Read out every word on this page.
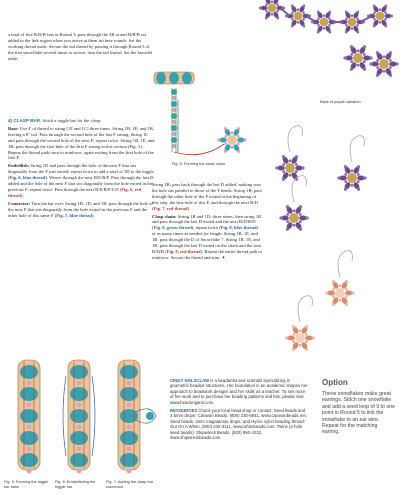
Back of purple variation
a total of five B/D/B sets in Round 3; pass through the 3B at and H/B/B set added in the link region when you arrive at them in these rounds. Set the working thread aside. Secure the tail thread by passing it through Round 3 of the first snowflake several times to secure; trim the tail thread. Set the bracelet aside.
Fig. 8: Forming the clasp chain

4) CLASP BAR. Stitch a toggle bar for the clasp:

Base: Use 4' of thread to string [1F and 1C] three times. String 1B, 1E, and 1B, leaving a 6" tail. Pass through the second hole of the last F strung. String 1C and pass through the second hole of the next F; repeat twice. String 1B, 1E, and 1B; pass through the first hole of the first F strung in this section (Fig. 5). Repeat the thread path once to reinforce, again exiting from the first hole of the first F.

Embellish: String 1D and pass through the hole of the next F that sits diagonally from the F just exited; repeat twice to add a total of 3D to the toggle (Fig. 6, blue thread). Weave through the next B/E/B/F. Pass through the last D added and the hole of the next F that sits diagonally from the hole exited in the previous F; repeat twice. Pass through the next B/E/B/F/C/F (Fig. 6, red thread).

Connector: Turn the bar over. String 1B, 1D, and 1B; pass through the hole of the next F that sits diagonally from the hole exited in the previous F and the other hole of this same F (Fig. 7, blue thread).

String 1B; pass back through the last D added, making sure the hole sits parallel to those of the F beads. String 1B; pass through the other hole of the F exited at the beginning of this step, the first hole of this F, and through the next B/D (Fig. 7, red thread).

Clasp chain: String 1B and 1D; three times, then string 1B and pass through the last D exited and the next B/D/B/D (Fig. 8, green thread); repeat twice (Fig. 8, blue thread) or as many times as needed for length. String 1B, 1E, and 1B; pass through the D of Snowflake 7. String 1B, 1E, and 1B; pass through the last D exited on the chain and the next B/D/B (Fig. 8, red thread). Repeat the entire thread path to reinforce. Secure the thread and trim. ✦

Fig. 5: Forming the toggle bar base
Fig. 6: Embellishing the toggle bar
Fig. 7: Adding the clasp bar connector

CINDY HOLSCLAW is a beadartist and scientist specializing in geometric beaded structures. Her foundation in an academic shapes her approach to beadwork designs and her skills as a teacher. To see more of her work and to purchase her beading patterns and kits, please visit www.beadorigami.com.

RESOURCES Check your local bead shop or contact: Seed beads and 2.5mm drops: Caravan Beads, (800) 230-8941, www.caravanbeads.net. Seed beads, 3mm magatamas drops, and Hymo nylon beading thread: Out On A Whim, (800) 232-3111, www.whimbeads.com. Twins (2-hole seed beads): Shipwreck Beads, (800) 950-4232, www.shipwreckbeads.com.

Option
These snowflakes make great earrings. Stitch one snowflake and add a seed loop of 9 to one point in Round 5 to link the snowflake to an ear wire. Repeat for the matching earring.
